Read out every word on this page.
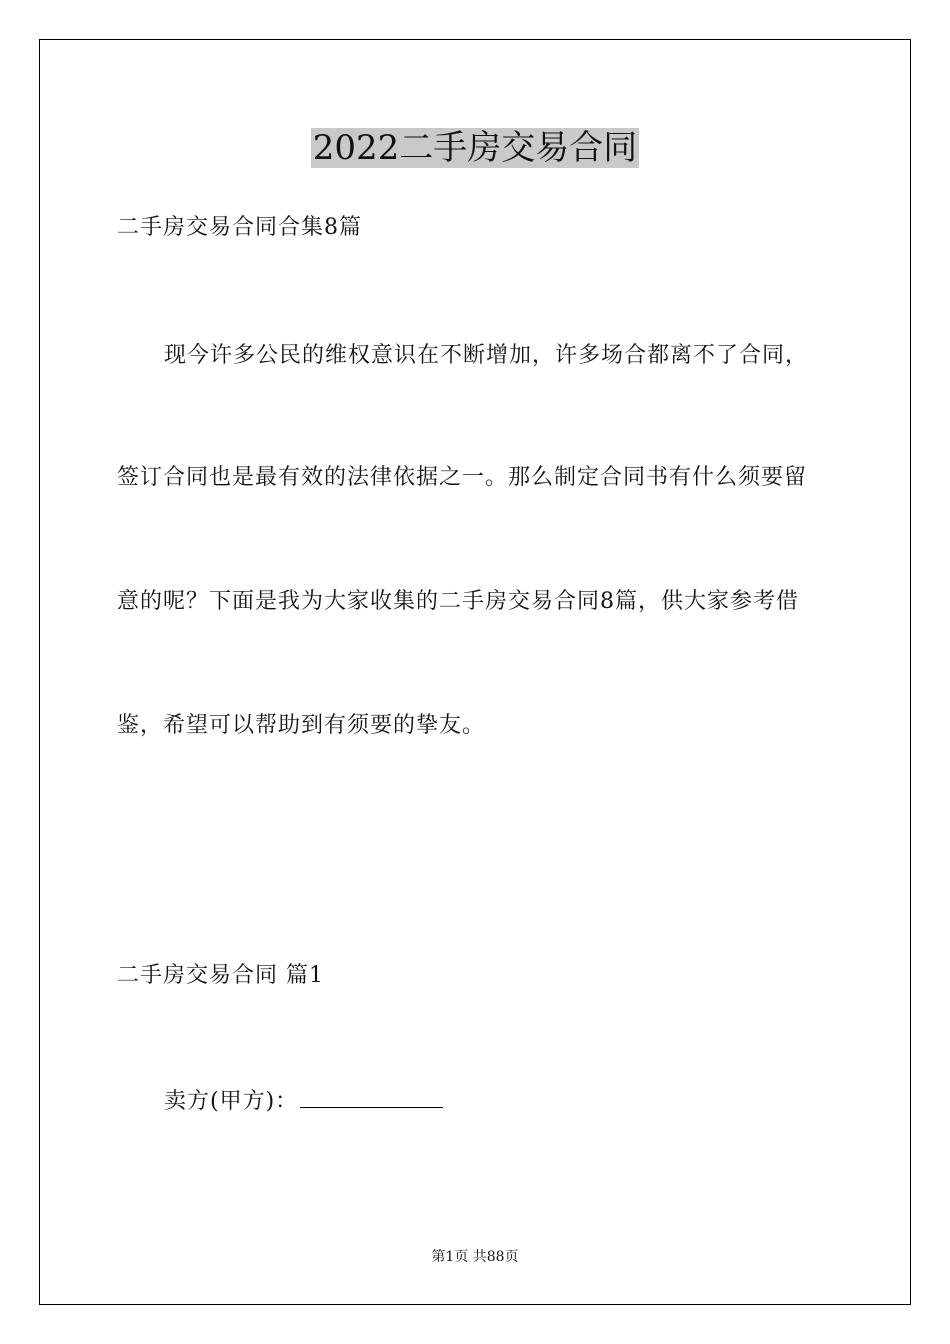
2022二手房交易合同
二手房交易合同合集8篇
现今许多公民的维权意识在不断增加，许多场合都离不了合同，
签订合同也是最有效的法律依据之一。那么制定合同书有什么须要留
意的呢？下面是我为大家收集的二手房交易合同8篇，供大家参考借
鉴，希望可以帮助到有须要的挚友。
二手房交易合同 篇1
卖方(甲方)：
第1页 共88页
